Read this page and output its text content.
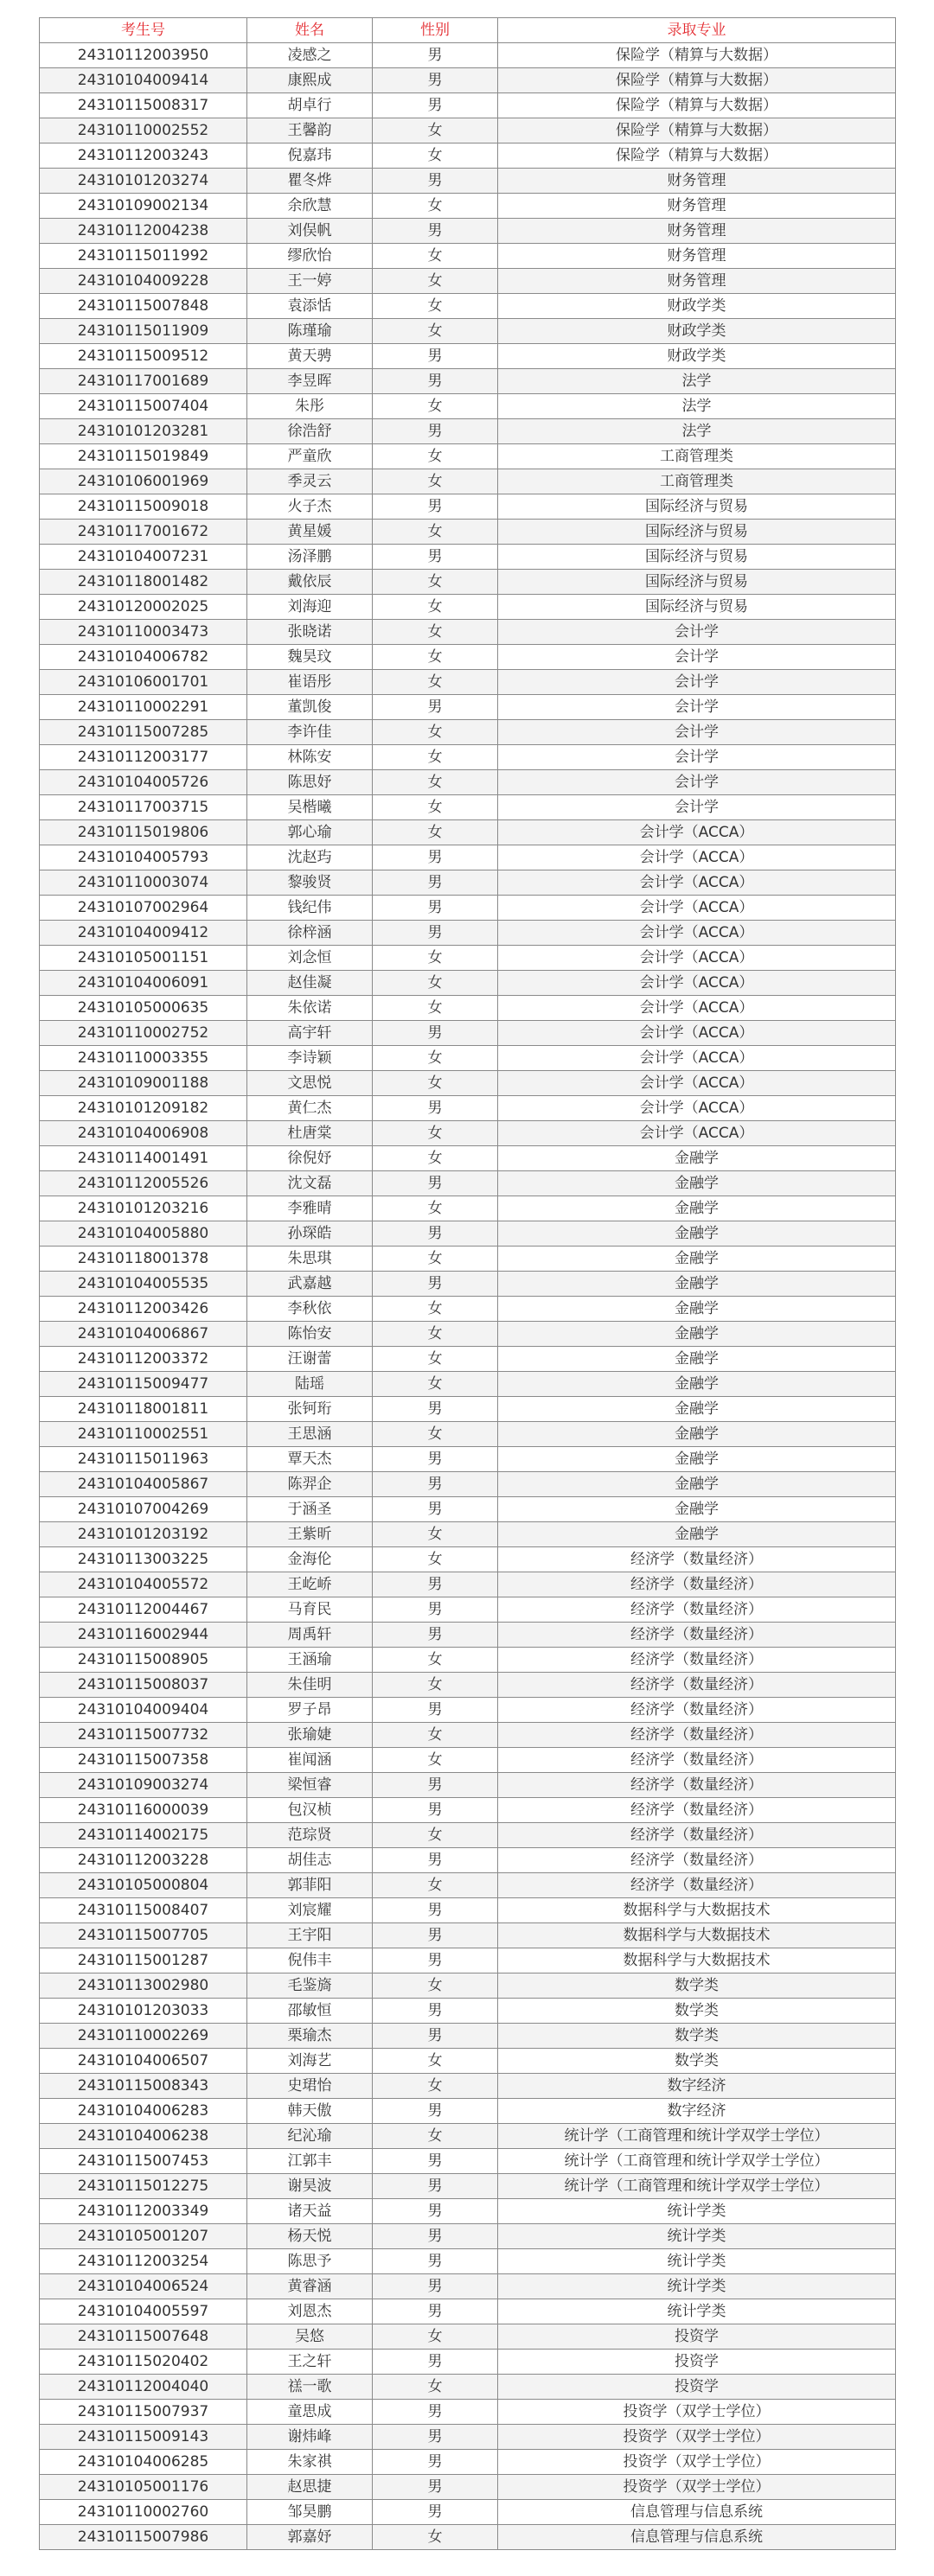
考生号	姓名	性别	录取专业
24310112003950	凌感之	男	保险学（精算与大数据）
24310104009414	康熙成	男	保险学（精算与大数据）
24310115008317	胡卓行	男	保险学（精算与大数据）
24310110002552	王馨韵	女	保险学（精算与大数据）
24310112003243	倪嘉玮	女	保险学（精算与大数据）
24310101203274	瞿冬烨	男	财务管理
24310109002134	余欣慧	女	财务管理
24310112004238	刘俣帆	男	财务管理
24310115011992	缪欣怡	女	财务管理
24310104009228	王一婷	女	财务管理
24310115007848	袁添恬	女	财政学类
24310115011909	陈瑾瑜	女	财政学类
24310115009512	黄天骋	男	财政学类
24310117001689	李昱晖	男	法学
24310115007404	朱彤	女	法学
24310101203281	徐浩舒	男	法学
24310115019849	严童欣	女	工商管理类
24310106001969	季灵云	女	工商管理类
24310115009018	火子杰	男	国际经济与贸易
24310117001672	黄星媛	女	国际经济与贸易
24310104007231	汤泽鹏	男	国际经济与贸易
24310118001482	戴依辰	女	国际经济与贸易
24310120002025	刘海迎	女	国际经济与贸易
24310110003473	张晓诺	女	会计学
24310104006782	魏昊玟	女	会计学
24310106001701	崔语彤	女	会计学
24310110002291	董凯俊	男	会计学
24310115007285	李许佳	女	会计学
24310112003177	林陈安	女	会计学
24310104005726	陈思妤	女	会计学
24310117003715	吴楷曦	女	会计学
24310115019806	郭心瑜	女	会计学（ACCA）
24310104005793	沈赵玙	男	会计学（ACCA）
24310110003074	黎骏贤	男	会计学（ACCA）
24310107002964	钱纪伟	男	会计学（ACCA）
24310104009412	徐梓涵	男	会计学（ACCA）
24310105001151	刘念恒	女	会计学（ACCA）
24310104006091	赵佳凝	女	会计学（ACCA）
24310105000635	朱依诺	女	会计学（ACCA）
24310110002752	高宇轩	男	会计学（ACCA）
24310110003355	李诗颖	女	会计学（ACCA）
24310109001188	文思悦	女	会计学（ACCA）
24310101209182	黄仁杰	男	会计学（ACCA）
24310104006908	杜唐棠	女	会计学（ACCA）
24310114001491	徐倪妤	女	金融学
24310112005526	沈文磊	男	金融学
24310101203216	李雅晴	女	金融学
24310104005880	孙琛皓	男	金融学
24310118001378	朱思琪	女	金融学
24310104005535	武嘉越	男	金融学
24310112003426	李秋依	女	金融学
24310104006867	陈怡安	女	金融学
24310112003372	汪谢蕾	女	金融学
24310115009477	陆瑶	女	金融学
24310118001811	张钶珩	男	金融学
24310110002551	王思涵	女	金融学
24310115011963	覃天杰	男	金融学
24310104005867	陈羿企	男	金融学
24310107004269	于涵圣	男	金融学
24310101203192	王紫昕	女	金融学
24310113003225	金海伦	女	经济学（数量经济）
24310104005572	王屹峤	男	经济学（数量经济）
24310112004467	马育民	男	经济学（数量经济）
24310116002944	周禹轩	男	经济学（数量经济）
24310115008905	王涵瑜	女	经济学（数量经济）
24310115008037	朱佳明	女	经济学（数量经济）
24310104009404	罗子昂	男	经济学（数量经济）
24310115007732	张瑜婕	女	经济学（数量经济）
24310115007358	崔闻涵	女	经济学（数量经济）
24310109003274	梁恒睿	男	经济学（数量经济）
24310116000039	包汉桢	男	经济学（数量经济）
24310114002175	范琮贤	女	经济学（数量经济）
24310112003228	胡佳志	男	经济学（数量经济）
24310105000804	郭菲阳	女	经济学（数量经济）
24310115008407	刘宸耀	男	数据科学与大数据技术
24310115007705	王宇阳	男	数据科学与大数据技术
24310115001287	倪伟丰	男	数据科学与大数据技术
24310113002980	毛鉴旖	女	数学类
24310101203033	邵敏恒	男	数学类
24310110002269	栗瑜杰	男	数学类
24310104006507	刘海艺	女	数学类
24310115008343	史珺怡	女	数字经济
24310104006283	韩天傲	男	数字经济
24310104006238	纪沁瑜	女	统计学（工商管理和统计学双学士学位）
24310115007453	江郭丰	男	统计学（工商管理和统计学双学士学位）
24310115012275	谢昊波	男	统计学（工商管理和统计学双学士学位）
24310112003349	诸天益	男	统计学类
24310105001207	杨天悦	男	统计学类
24310112003254	陈思予	男	统计学类
24310104006524	黄睿涵	男	统计学类
24310104005597	刘恩杰	男	统计学类
24310115007648	吴悠	女	投资学
24310115020402	王之轩	男	投资学
24310112004040	禚一歌	女	投资学
24310115007937	童思成	男	投资学（双学士学位）
24310115009143	谢炜峰	男	投资学（双学士学位）
24310104006285	朱家祺	男	投资学（双学士学位）
24310105001176	赵思捷	男	投资学（双学士学位）
24310110002760	邹昊鹏	男	信息管理与信息系统
24310115007986	郭嘉妤	女	信息管理与信息系统
